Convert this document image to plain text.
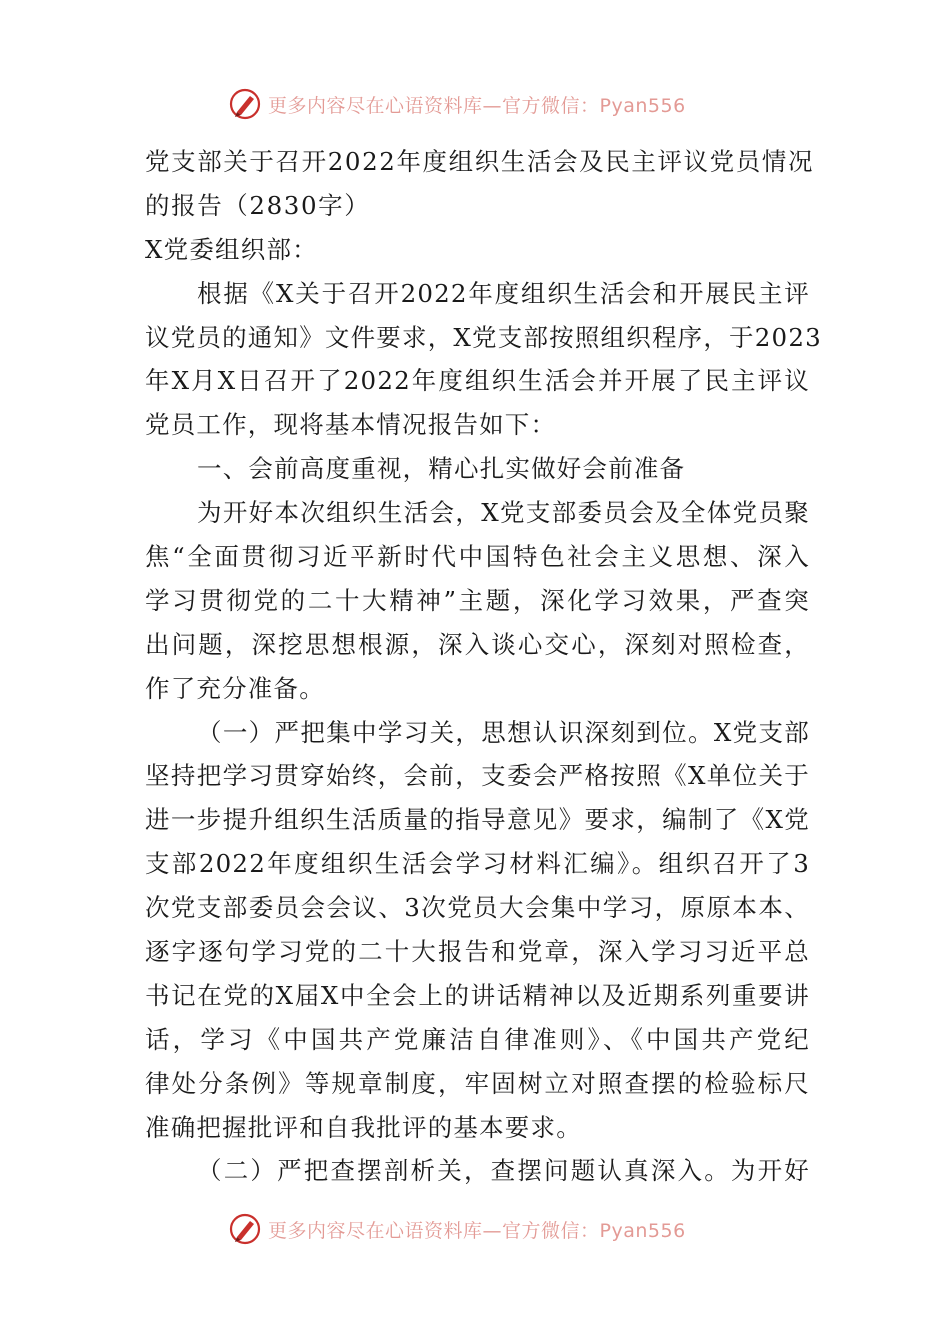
更多内容尽在心语资料库—官方微信：Pyan556
党支部关于召开2022年度组织生活会及民主评议党员情况
的报告（2830字）
X党委组织部：
根据《X关于召开2022年度组织生活会和开展民主评
议党员的通知》文件要求，X党支部按照组织程序，于2023
年X月X日召开了2022年度组织生活会并开展了民主评议
党员工作，现将基本情况报告如下：
一、会前高度重视，精心扎实做好会前准备
为开好本次组织生活会，X党支部委员会及全体党员聚
焦“全面贯彻习近平新时代中国特色社会主义思想、深入
学习贯彻党的二十大精神”主题，深化学习效果，严查突
出问题，深挖思想根源，深入谈心交心，深刻对照检查，
作了充分准备。
（一）严把集中学习关，思想认识深刻到位。X党支部
坚持把学习贯穿始终，会前，支委会严格按照《X单位关于
进一步提升组织生活质量的指导意见》要求，编制了《X党
支部2022年度组织生活会学习材料汇编》。组织召开了3
次党支部委员会会议、3次党员大会集中学习，原原本本、
逐字逐句学习党的二十大报告和党章，深入学习习近平总
书记在党的X届X中全会上的讲话精神以及近期系列重要讲
话，学习《中国共产党廉洁自律准则》、《中国共产党纪
律处分条例》等规章制度，牢固树立对照查摆的检验标尺
准确把握批评和自我批评的基本要求。
（二）严把查摆剖析关，查摆问题认真深入。为开好
更多内容尽在心语资料库—官方微信：Pyan556
